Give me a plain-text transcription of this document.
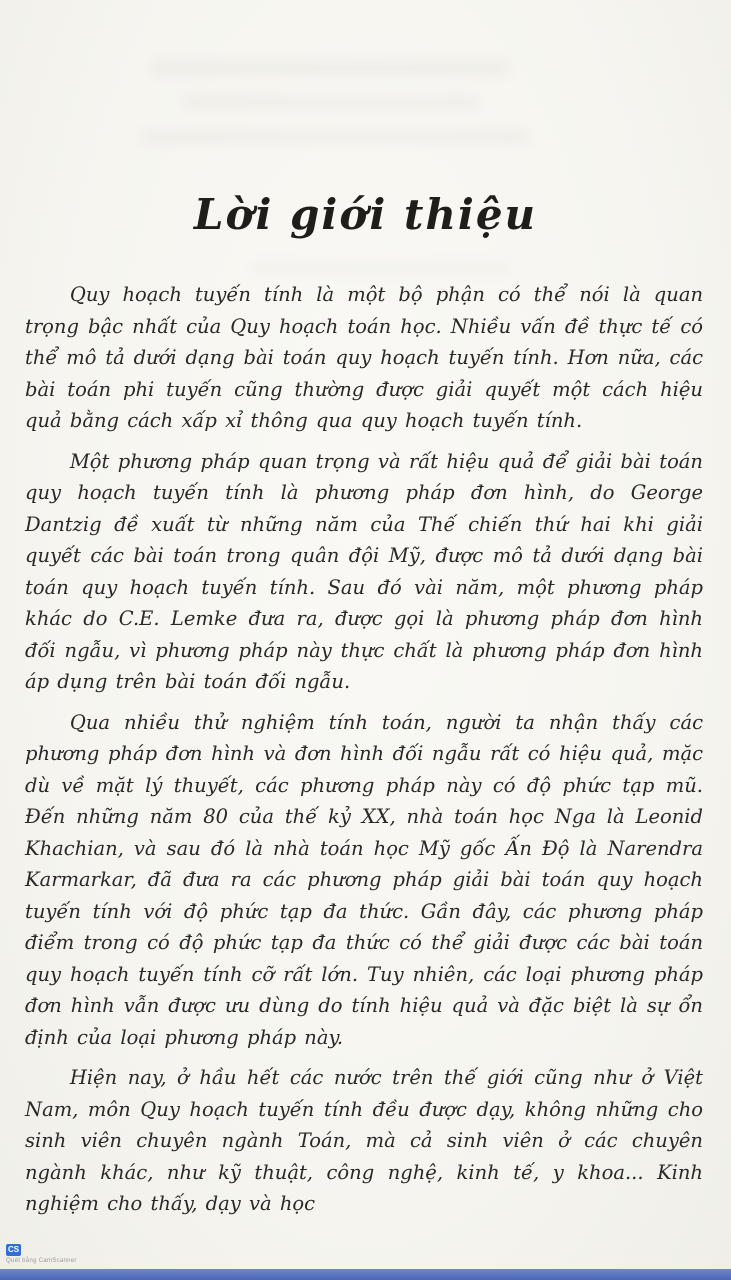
Lời giới thiệu

Quy hoạch tuyến tính là một bộ phận có thể nói là quan trọng bậc nhất của Quy hoạch toán học. Nhiều vấn đề thực tế có thể mô tả dưới dạng bài toán quy hoạch tuyến tính. Hơn nữa, các bài toán phi tuyến cũng thường được giải quyết một cách hiệu quả bằng cách xấp xỉ thông qua quy hoạch tuyến tính.

Một phương pháp quan trọng và rất hiệu quả để giải bài toán quy hoạch tuyến tính là phương pháp đơn hình, do George Dantzig đề xuất từ những năm của Thế chiến thứ hai khi giải quyết các bài toán trong quân đội Mỹ, được mô tả dưới dạng bài toán quy hoạch tuyến tính. Sau đó vài năm, một phương pháp khác do C.E. Lemke đưa ra, được gọi là phương pháp đơn hình đối ngẫu, vì phương pháp này thực chất là phương pháp đơn hình áp dụng trên bài toán đối ngẫu.

Qua nhiều thử nghiệm tính toán, người ta nhận thấy các phương pháp đơn hình và đơn hình đối ngẫu rất có hiệu quả, mặc dù về mặt lý thuyết, các phương pháp này có độ phức tạp mũ. Đến những năm 80 của thế kỷ XX, nhà toán học Nga là Leonid Khachian, và sau đó là nhà toán học Mỹ gốc Ấn Độ là Narendra Karmarkar, đã đưa ra các phương pháp giải bài toán quy hoạch tuyến tính với độ phức tạp đa thức. Gần đây, các phương pháp điểm trong có độ phức tạp đa thức có thể giải được các bài toán quy hoạch tuyến tính cỡ rất lớn. Tuy nhiên, các loại phương pháp đơn hình vẫn được ưu dùng do tính hiệu quả và đặc biệt là sự ổn định của loại phương pháp này.

Hiện nay, ở hầu hết các nước trên thế giới cũng như ở Việt Nam, môn Quy hoạch tuyến tính đều được dạy, không những cho sinh viên chuyên ngành Toán, mà cả sinh viên ở các chuyên ngành khác, như kỹ thuật, công nghệ, kinh tế, y khoa... Kinh nghiệm cho thấy, dạy và học

CS
Quét bằng CamScanner
